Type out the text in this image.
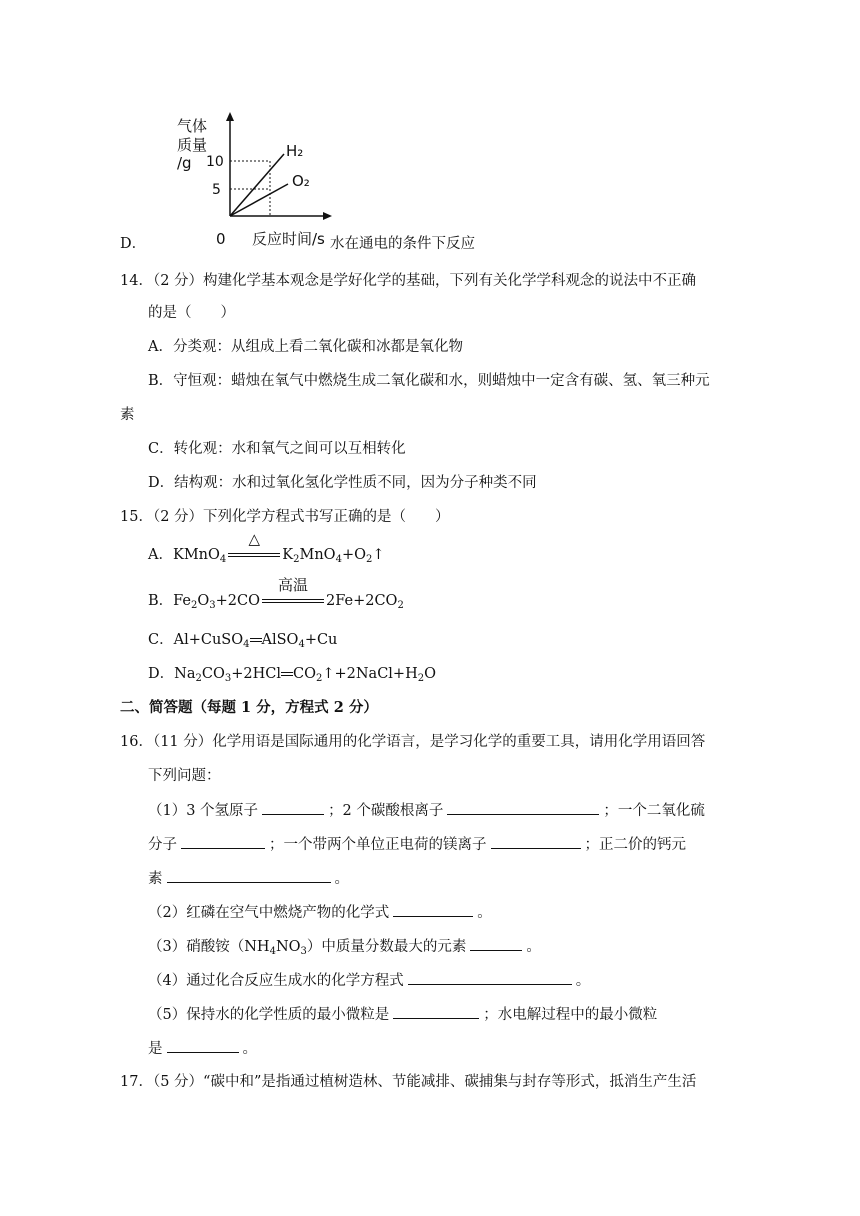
气体
质量
/g 10
5
H₂
O₂
0 反应时间/s
D．	水在通电的条件下反应
14．（2 分）构建化学基本观念是学好化学的基础，下列有关化学学科观念的说法中不正确
的是（　　）
A．分类观：从组成上看二氧化碳和冰都是氧化物
B．守恒观：蜡烛在氧气中燃烧生成二氧化碳和水，则蜡烛中一定含有碳、氢、氧三种元
素
C．转化观：水和氧气之间可以互相转化
D．结构观：水和过氧化氢化学性质不同，因为分子种类不同
15．（2 分）下列化学方程式书写正确的是（　　）
A．KMnO$_4$
△
$K_2MnO_4+O_2↑$
B．$Fe_2O_3+2CO$
高温
$2Fe+2CO_2$
C．Al+CuSO$_4$ AlSO$_4$+Cu
D．$Na_2CO_3+2HCl$ $CO_2↑+2NaCl+H_2O$
二、简答题（每题 1 分，方程式 2 分）
16．（11 分）化学用语是国际通用的化学语言，是学习化学的重要工具，请用化学用语回答
下列问题：
（1）3 个氢原子	；2 个碳酸根离子	；一个二氧化硫
分子	；一个带两个单位正电荷的镁离子	；正二价的钙元
素	。
（2）红磷在空气中燃烧产物的化学式	。
（3）硝酸铵$(NH_4NO_3)$中质量分数最大的元素	。
（4）通过化合反应生成水的化学方程式	。
（5）保持水的化学性质的最小微粒是	；水电解过程中的最小微粒
是	。
17．（5 分）“碳中和”是指通过植树造林、节能减排、碳捕集与封存等形式，抵消生产生活
